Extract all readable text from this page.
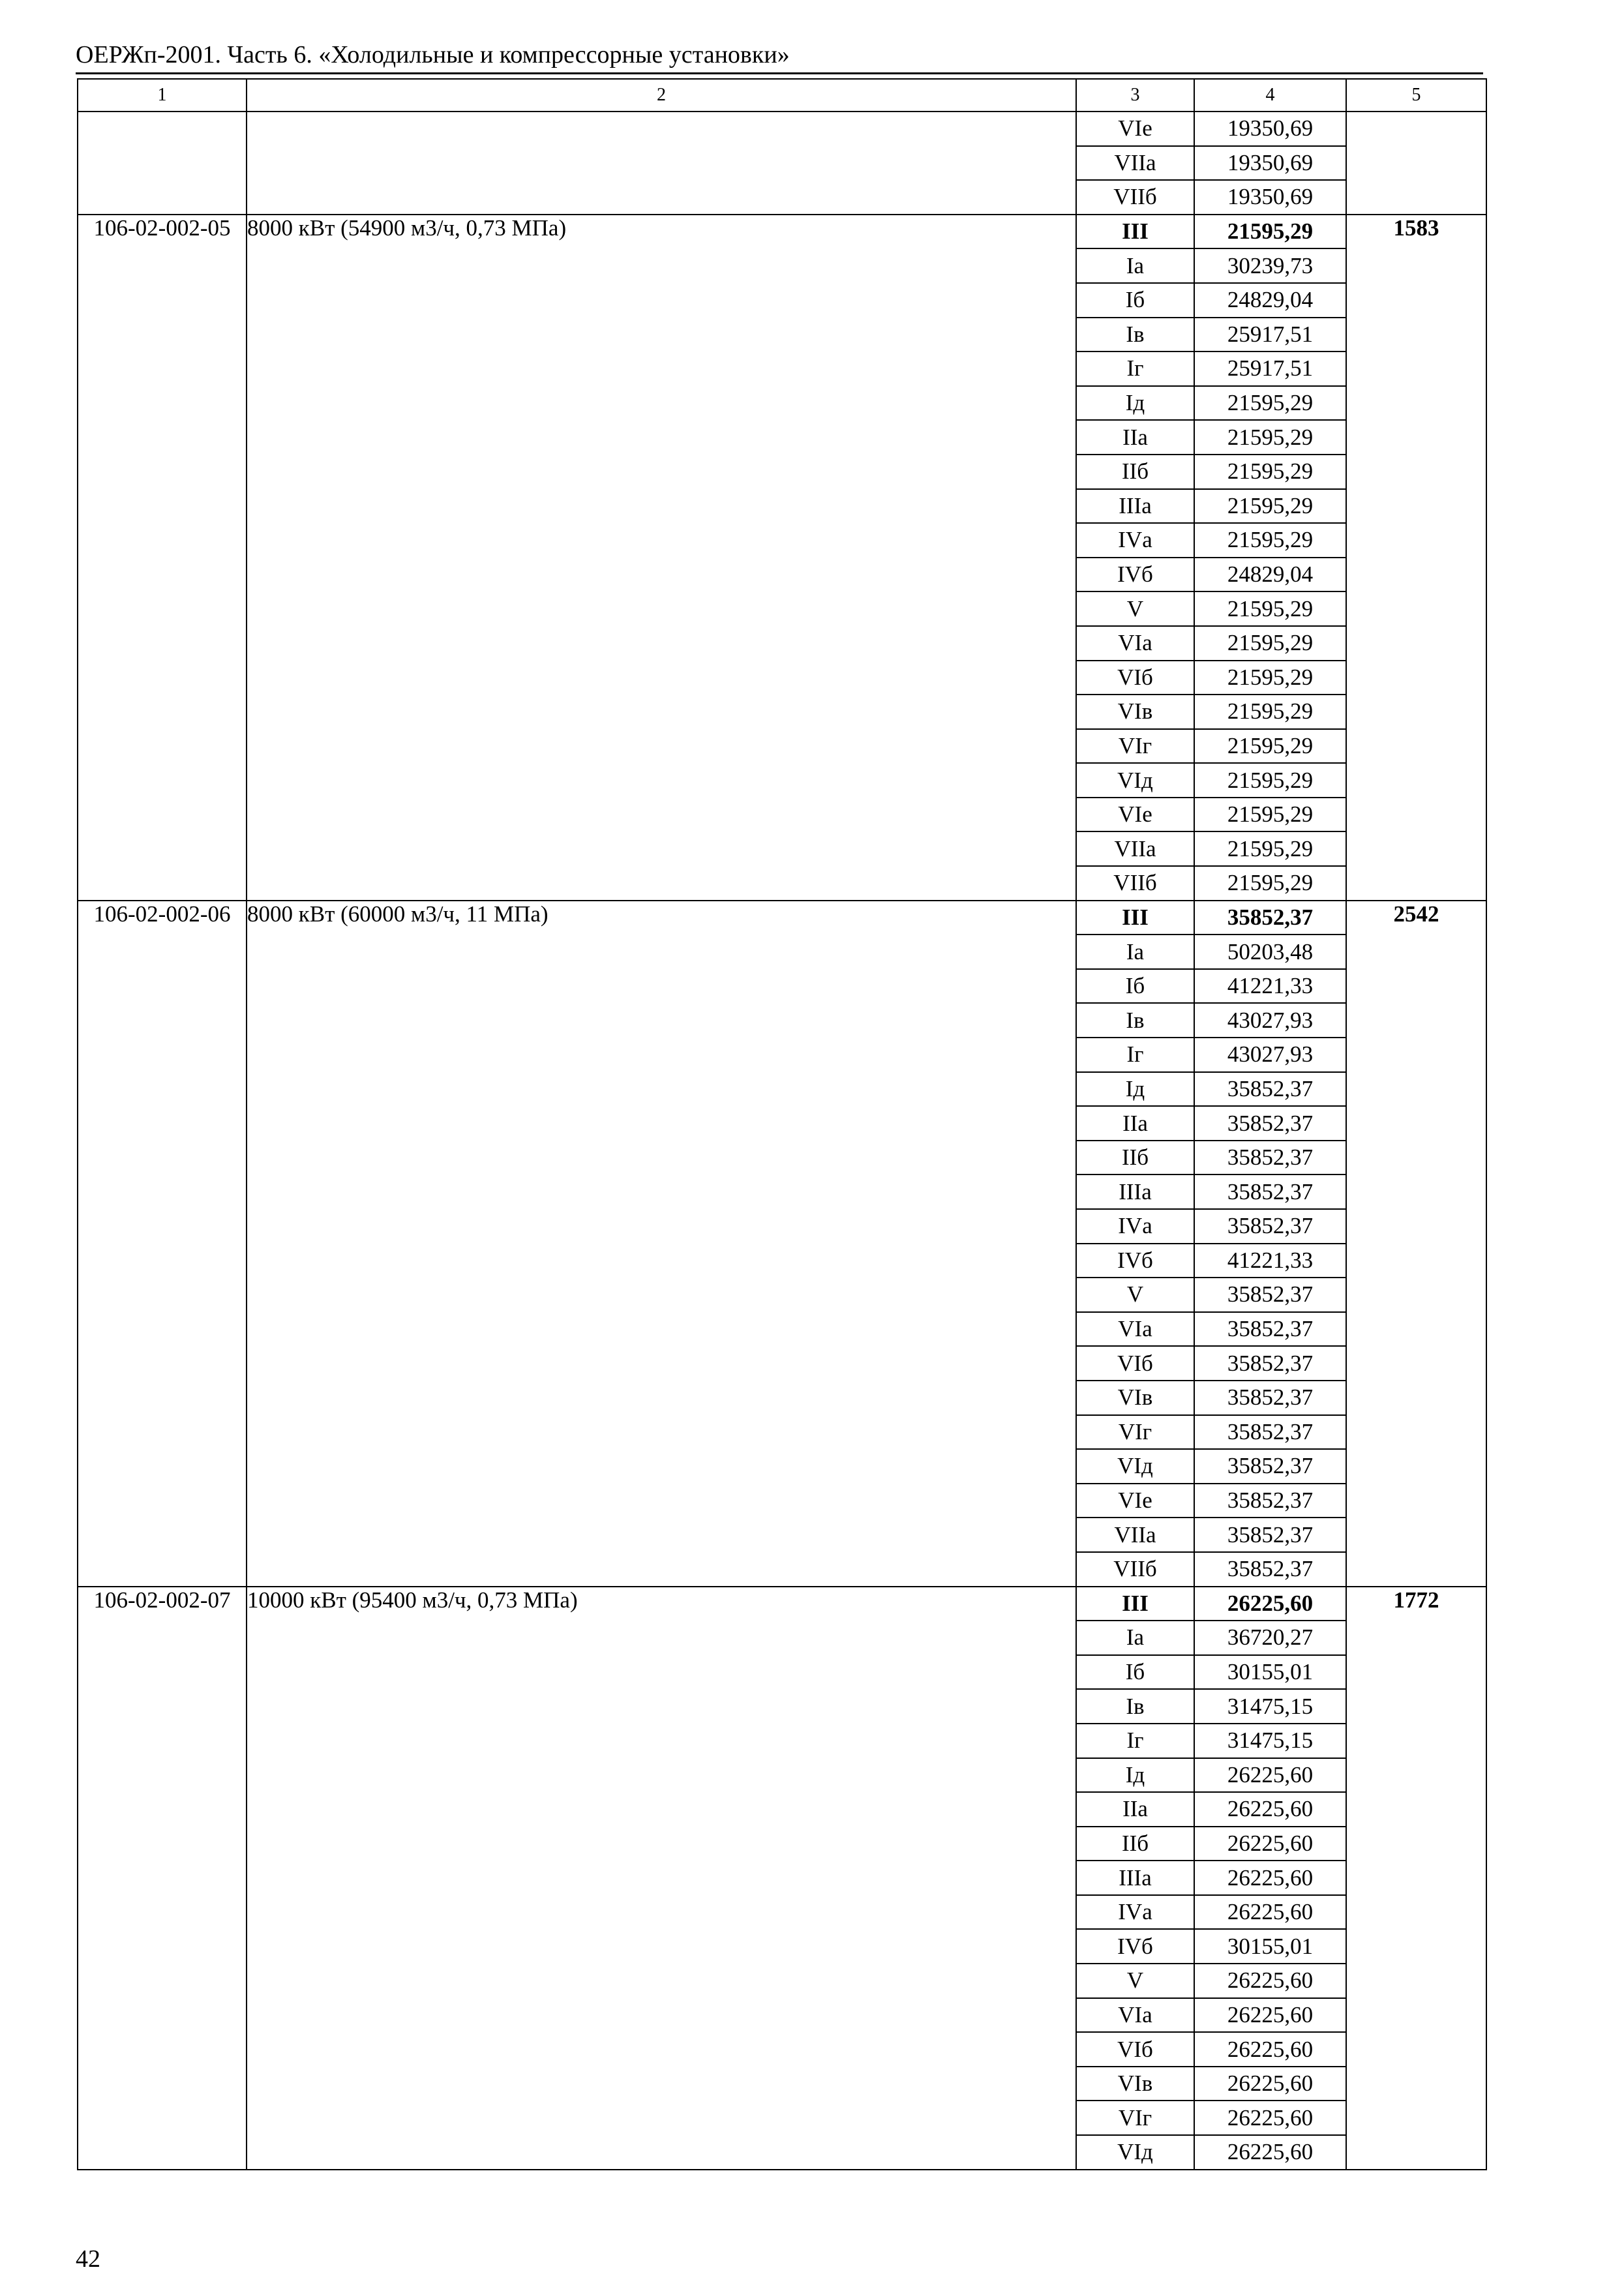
ОЕРЖп-2001. Часть 6. «Холодильные и компрессорные установки»
1	2	3	4	5
		VIе	19350,69	
		VIIа	19350,69	
		VIIб	19350,69	
106-02-002-05	8000 кВт (54900 м3/ч, 0,73 МПа)	III	21595,29	1583
		Iа	30239,73	
		Iб	24829,04	
		Iв	25917,51	
		Iг	25917,51	
		Iд	21595,29	
		IIа	21595,29	
		IIб	21595,29	
		IIIа	21595,29	
		IVа	21595,29	
		IVб	24829,04	
		V	21595,29	
		VIа	21595,29	
		VIб	21595,29	
		VIв	21595,29	
		VIг	21595,29	
		VIд	21595,29	
		VIе	21595,29	
		VIIа	21595,29	
		VIIб	21595,29	
106-02-002-06	8000 кВт (60000 м3/ч, 11 МПа)	III	35852,37	2542
		Iа	50203,48	
		Iб	41221,33	
		Iв	43027,93	
		Iг	43027,93	
		Iд	35852,37	
		IIа	35852,37	
		IIб	35852,37	
		IIIа	35852,37	
		IVа	35852,37	
		IVб	41221,33	
		V	35852,37	
		VIа	35852,37	
		VIб	35852,37	
		VIв	35852,37	
		VIг	35852,37	
		VIд	35852,37	
		VIе	35852,37	
		VIIа	35852,37	
		VIIб	35852,37	
106-02-002-07	10000 кВт (95400 м3/ч, 0,73 МПа)	III	26225,60	1772
		Iа	36720,27	
		Iб	30155,01	
		Iв	31475,15	
		Iг	31475,15	
		Iд	26225,60	
		IIа	26225,60	
		IIб	26225,60	
		IIIа	26225,60	
		IVа	26225,60	
		IVб	30155,01	
		V	26225,60	
		VIа	26225,60	
		VIб	26225,60	
		VIв	26225,60	
		VIг	26225,60	
		VIд	26225,60	
42
